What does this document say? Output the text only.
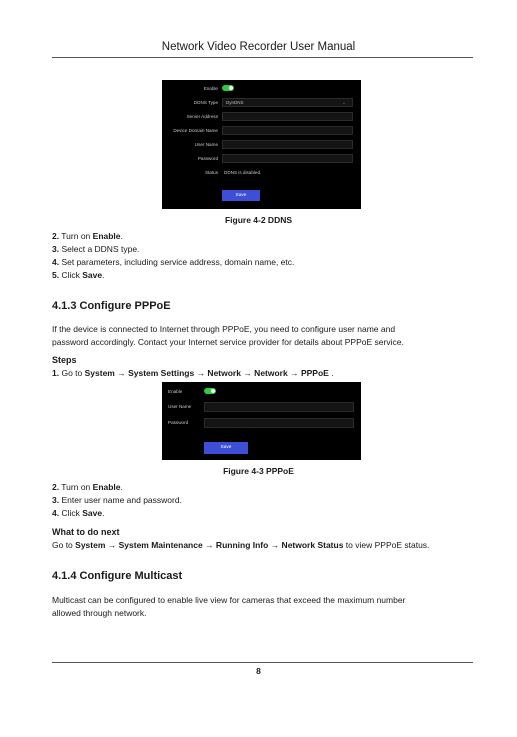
Network Video Recorder User Manual
Enable
DDNS Type	DynDNS	⌄
Server Address
Device Domain Name
User Name
Password
Status DDNS is disabled.
Save
Figure 4-2 DDNS
2. Turn on Enable.
3. Select a DDNS type.
4. Set parameters, including service address, domain name, etc.
5. Click Save.
4.1.3 Configure PPPoE
If the device is connected to Internet through PPPoE, you need to configure user name and
password accordingly. Contact your Internet service provider for details about PPPoE service.
Steps
1. Go to System → System Settings → Network → Network → PPPoE .
Enable
User Name
Password
Save
Figure 4-3 PPPoE
2. Turn on Enable.
3. Enter user name and password.
4. Click Save.
What to do next
Go to System → System Maintenance → Running Info → Network Status to view PPPoE status.
4.1.4 Configure Multicast
Multicast can be configured to enable live view for cameras that exceed the maximum number
allowed through network.
8
